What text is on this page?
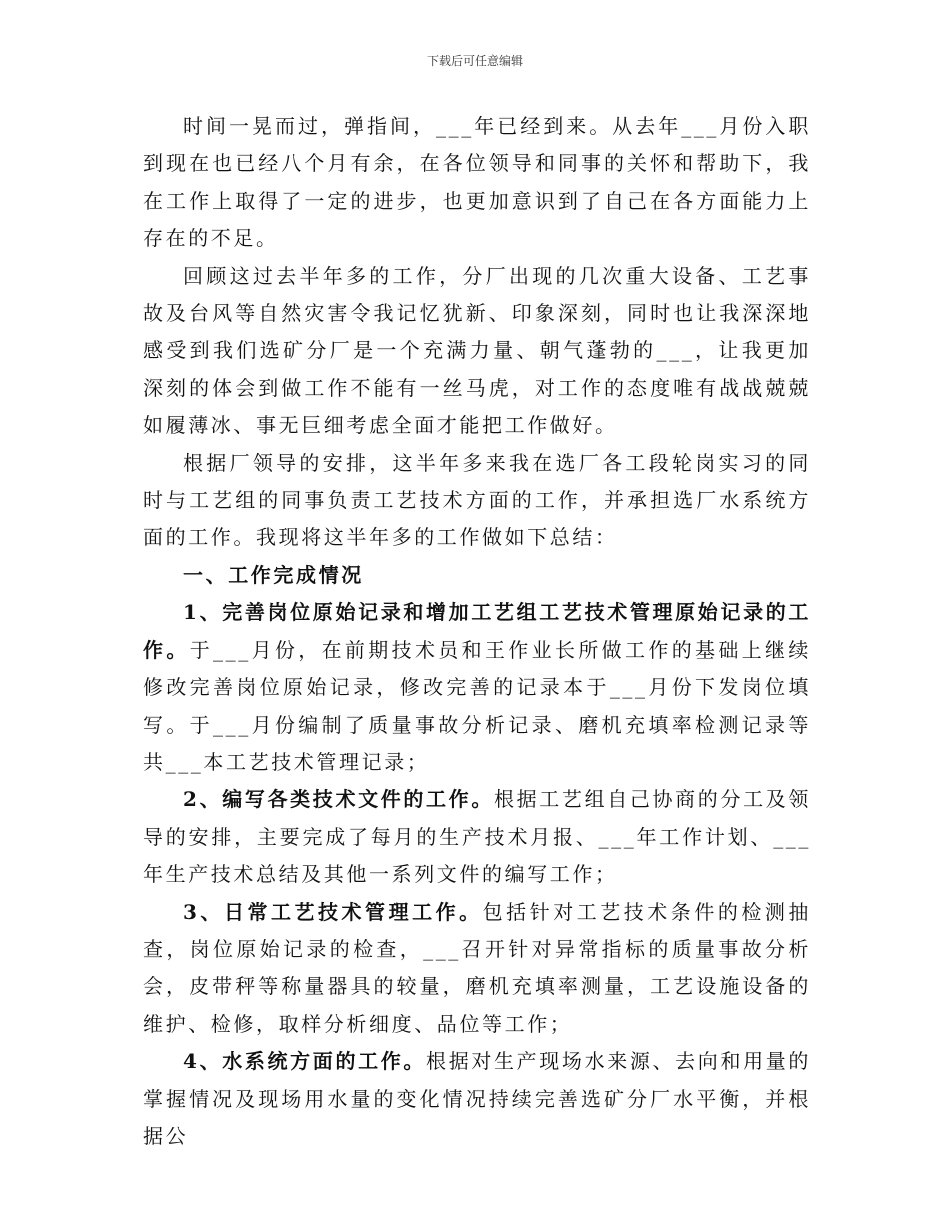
下载后可任意编辑

时间一晃而过，弹指间，___年已经到来。从去年___月份入职到现在也已经八个月有余，在各位领导和同事的关怀和帮助下，我在工作上取得了一定的进步，也更加意识到了自己在各方面能力上存在的不足。

回顾这过去半年多的工作，分厂出现的几次重大设备、工艺事故及台风等自然灾害令我记忆犹新、印象深刻，同时也让我深深地感受到我们选矿分厂是一个充满力量、朝气蓬勃的___，让我更加深刻的体会到做工作不能有一丝马虎，对工作的态度唯有战战兢兢如履薄冰、事无巨细考虑全面才能把工作做好。

根据厂领导的安排，这半年多来我在选厂各工段轮岗实习的同时与工艺组的同事负责工艺技术方面的工作，并承担选厂水系统方面的工作。我现将这半年多的工作做如下总结：

一、工作完成情况

1、完善岗位原始记录和增加工艺组工艺技术管理原始记录的工作。于___月份，在前期技术员和王作业长所做工作的基础上继续修改完善岗位原始记录，修改完善的记录本于___月份下发岗位填写。于___月份编制了质量事故分析记录、磨机充填率检测记录等共___本工艺技术管理记录；

2、编写各类技术文件的工作。根据工艺组自己协商的分工及领导的安排，主要完成了每月的生产技术月报、___年工作计划、___年生产技术总结及其他一系列文件的编写工作；

3、日常工艺技术管理工作。包括针对工艺技术条件的检测抽查，岗位原始记录的检查，___召开针对异常指标的质量事故分析会，皮带秤等称量器具的较量，磨机充填率测量，工艺设施设备的维护、检修，取样分析细度、品位等工作；

4、水系统方面的工作。根据对生产现场水来源、去向和用量的掌握情况及现场用水量的变化情况持续完善选矿分厂水平衡，并根据公
